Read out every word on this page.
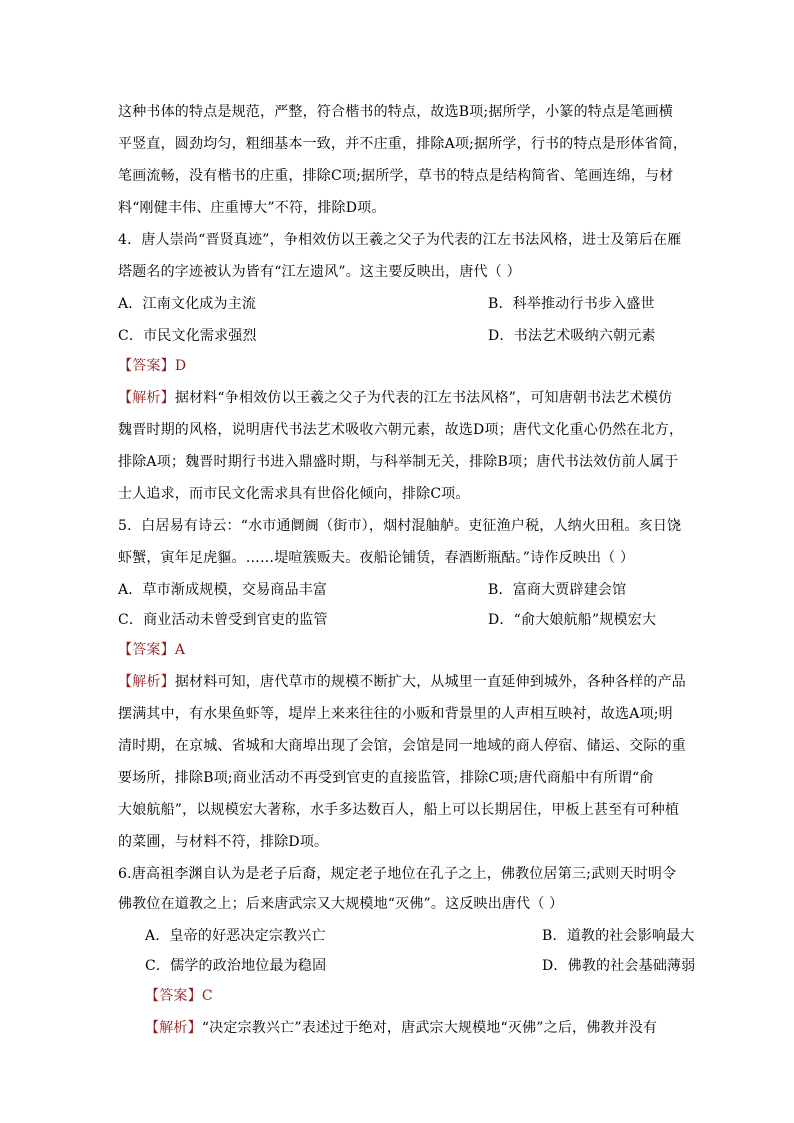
这种书体的特点是规范，严整，符合楷书的特点，故选B项;据所学，小篆的特点是笔画横
平竖直，圆劲均匀，粗细基本一致，并不庄重，排除A项;据所学，行书的特点是形体省简，
笔画流畅，没有楷书的庄重，排除C项;据所学，草书的特点是结构简省、笔画连绵，与材
料“刚健丰伟、庄重博大”不符，排除D项。
4．唐人崇尚“晋贤真迹”，争相效仿以王羲之父子为代表的江左书法风格，进士及第后在雁
塔题名的字迹被认为皆有“江左遗风”。这主要反映出，唐代（ ）
A．江南文化成为主流	B．科举推动行书步入盛世
C．市民文化需求强烈	D．书法艺术吸纳六朝元素
【答案】D
【解析】据材料“争相效仿以王羲之父子为代表的江左书法风格”，可知唐朝书法艺术模仿
魏晋时期的风格，说明唐代书法艺术吸收六朝元素，故选D项；唐代文化重心仍然在北方，
排除A项；魏晋时期行书进入鼎盛时期，与科举制无关，排除B项；唐代书法效仿前人属于
士人追求，而市民文化需求具有世俗化倾向，排除C项。
5．白居易有诗云：“水市通阛阓（街市），烟村混舳舻。吏征渔户税，人纳火田租。亥日饶
虾蟹，寅年足虎貙。……堤喧簇贩夫。夜船论铺赁，春酒断瓶酤。”诗作反映出（ ）
A．草市渐成规模，交易商品丰富	B．富商大贾辟建会馆
C．商业活动未曾受到官吏的监管	D．“俞大娘航船”规模宏大
【答案】A
【解析】据材料可知，唐代草市的规模不断扩大，从城里一直延伸到城外，各种各样的产品
摆满其中，有水果鱼虾等，堤岸上来来往往的小贩和背景里的人声相互映衬，故选A项;明
清时期，在京城、省城和大商埠出现了会馆，会馆是同一地域的商人停宿、储运、交际的重
要场所，排除B项;商业活动不再受到官吏的直接监管，排除C项;唐代商船中有所谓“俞
大娘航船”，以规模宏大著称，水手多达数百人，船上可以长期居住，甲板上甚至有可种植
的菜圃，与材料不符，排除D项。
6.唐高祖李渊自认为是老子后裔，规定老子地位在孔子之上，佛教位居第三;武则天时明令
佛教位在道教之上；后来唐武宗又大规模地“灭佛”。这反映出唐代（ ）
A．皇帝的好恶决定宗教兴亡	B．道教的社会影响最大
C．儒学的政治地位最为稳固	D．佛教的社会基础薄弱
【答案】C
【解析】“决定宗教兴亡”表述过于绝对，唐武宗大规模地“灭佛”之后，佛教并没有
